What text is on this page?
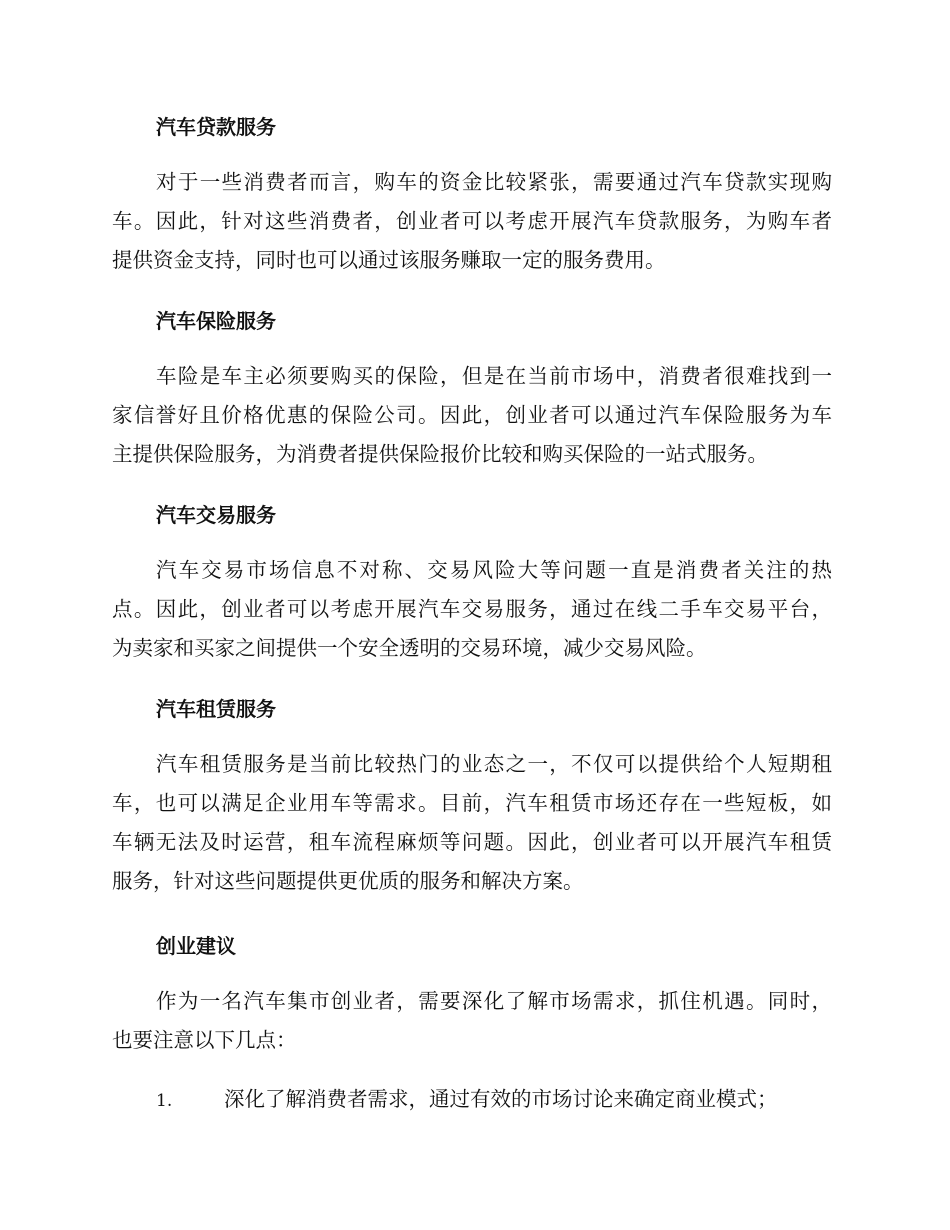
汽车贷款服务

对于一些消费者而言，购车的资金比较紧张，需要通过汽车贷款实现购
车。因此，针对这些消费者，创业者可以考虑开展汽车贷款服务，为购车者
提供资金支持，同时也可以通过该服务赚取一定的服务费用。

汽车保险服务

车险是车主必须要购买的保险，但是在当前市场中，消费者很难找到一
家信誉好且价格优惠的保险公司。因此，创业者可以通过汽车保险服务为车
主提供保险服务，为消费者提供保险报价比较和购买保险的一站式服务。

汽车交易服务

汽车交易市场信息不对称、交易风险大等问题一直是消费者关注的热
点。因此，创业者可以考虑开展汽车交易服务，通过在线二手车交易平台，
为卖家和买家之间提供一个安全透明的交易环境，减少交易风险。

汽车租赁服务

汽车租赁服务是当前比较热门的业态之一，不仅可以提供给个人短期租
车，也可以满足企业用车等需求。目前，汽车租赁市场还存在一些短板，如
车辆无法及时运营，租车流程麻烦等问题。因此，创业者可以开展汽车租赁
服务，针对这些问题提供更优质的服务和解决方案。

创业建议

作为一名汽车集市创业者，需要深化了解市场需求，抓住机遇。同时，
也要注意以下几点：

1.	深化了解消费者需求，通过有效的市场讨论来确定商业模式；
